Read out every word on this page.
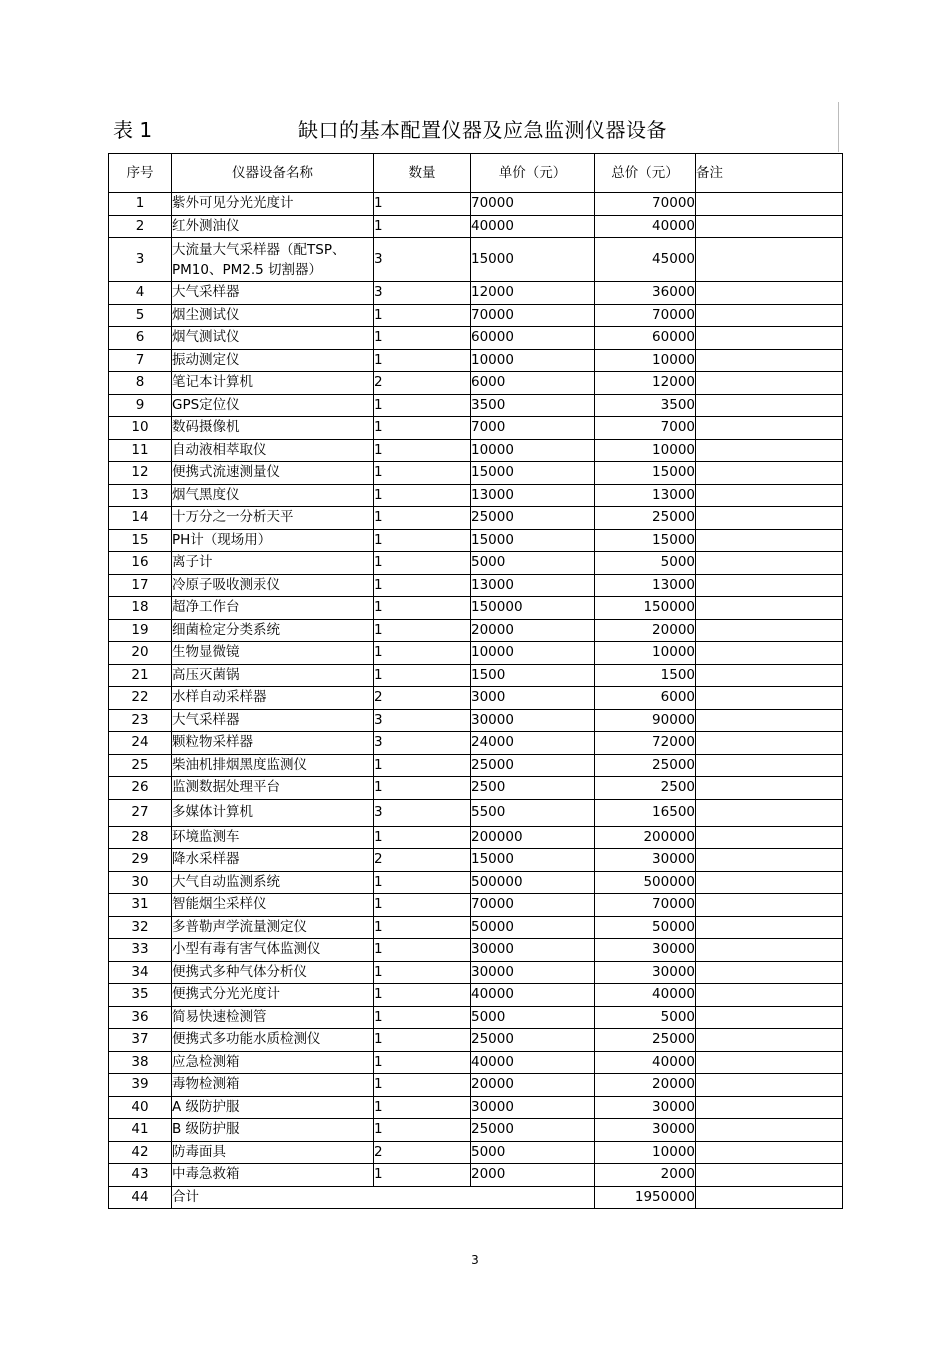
表 1	缺口的基本配置仪器及应急监测仪器设备
序号	仪器设备名称	数量	单价（元）	总价（元）	备注
1	紫外可见分光光度计	1	70000	70000	
2	红外测油仪	1	40000	40000	
3	大流量大气采样器（配TSP、PM10、PM2.5 切割器）	3	15000	45000	
4	大气采样器	3	12000	36000	
5	烟尘测试仪	1	70000	70000	
6	烟气测试仪	1	60000	60000	
7	振动测定仪	1	10000	10000	
8	笔记本计算机	2	6000	12000	
9	GPS定位仪	1	3500	3500	
10	数码摄像机	1	7000	7000	
11	自动液相萃取仪	1	10000	10000	
12	便携式流速测量仪	1	15000	15000	
13	烟气黑度仪	1	13000	13000	
14	十万分之一分析天平	1	25000	25000	
15	PH计（现场用）	1	15000	15000	
16	离子计	1	5000	5000	
17	冷原子吸收测汞仪	1	13000	13000	
18	超净工作台	1	150000	150000	
19	细菌检定分类系统	1	20000	20000	
20	生物显微镜	1	10000	10000	
21	高压灭菌锅	1	1500	1500	
22	水样自动采样器	2	3000	6000	
23	大气采样器	3	30000	90000	
24	颗粒物采样器	3	24000	72000	
25	柴油机排烟黑度监测仪	1	25000	25000	
26	监测数据处理平台	1	2500	2500	
27	多媒体计算机	3	5500	16500	
28	环境监测车	1	200000	200000	
29	降水采样器	2	15000	30000	
30	大气自动监测系统	1	500000	500000	
31	智能烟尘采样仪	1	70000	70000	
32	多普勒声学流量测定仪	1	50000	50000	
33	小型有毒有害气体监测仪	1	30000	30000	
34	便携式多种气体分析仪	1	30000	30000	
35	便携式分光光度计	1	40000	40000	
36	简易快速检测管	1	5000	5000	
37	便携式多功能水质检测仪	1	25000	25000	
38	应急检测箱	1	40000	40000	
39	毒物检测箱	1	20000	20000	
40	A 级防护服	1	30000	30000	
41	B 级防护服	1	25000	30000	
42	防毒面具	2	5000	10000	
43	中毒急救箱	1	2000	2000	
44	合计			1950000	
3
